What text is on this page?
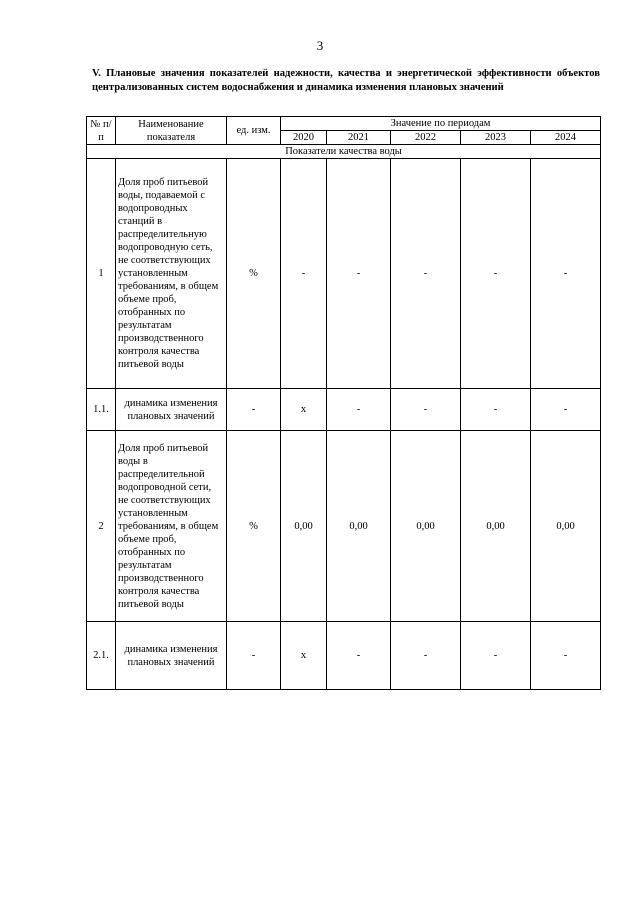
3
V. Плановые значения показателей надежности, качества и энергетической эффективности объектов централизованных систем водоснабжения и динамика изменения плановых значений
№ п/п	Наименование показателя	ед. изм.	Значение по периодам				
			2020	2021	2022	2023	2024
Показатели качества воды							
1	Доля проб питьевой воды, подаваемой с водопроводных станций в распределительную водопроводную сеть, не соответствующих установленным требованиям, в общем объеме проб, отобранных по результатам производственного контроля качества питьевой воды	%	-	-	-	-	-
1.1.	динамика изменения плановых значений	-	x	-	-	-	-
2	Доля проб питьевой воды в распределительной водопроводной сети, не соответствующих установленным требованиям, в общем объеме проб, отобранных по результатам производственного контроля качества питьевой воды	%	0,00	0,00	0,00	0,00	0,00
2.1.	динамика изменения плановых значений	-	x	-	-	-	-
